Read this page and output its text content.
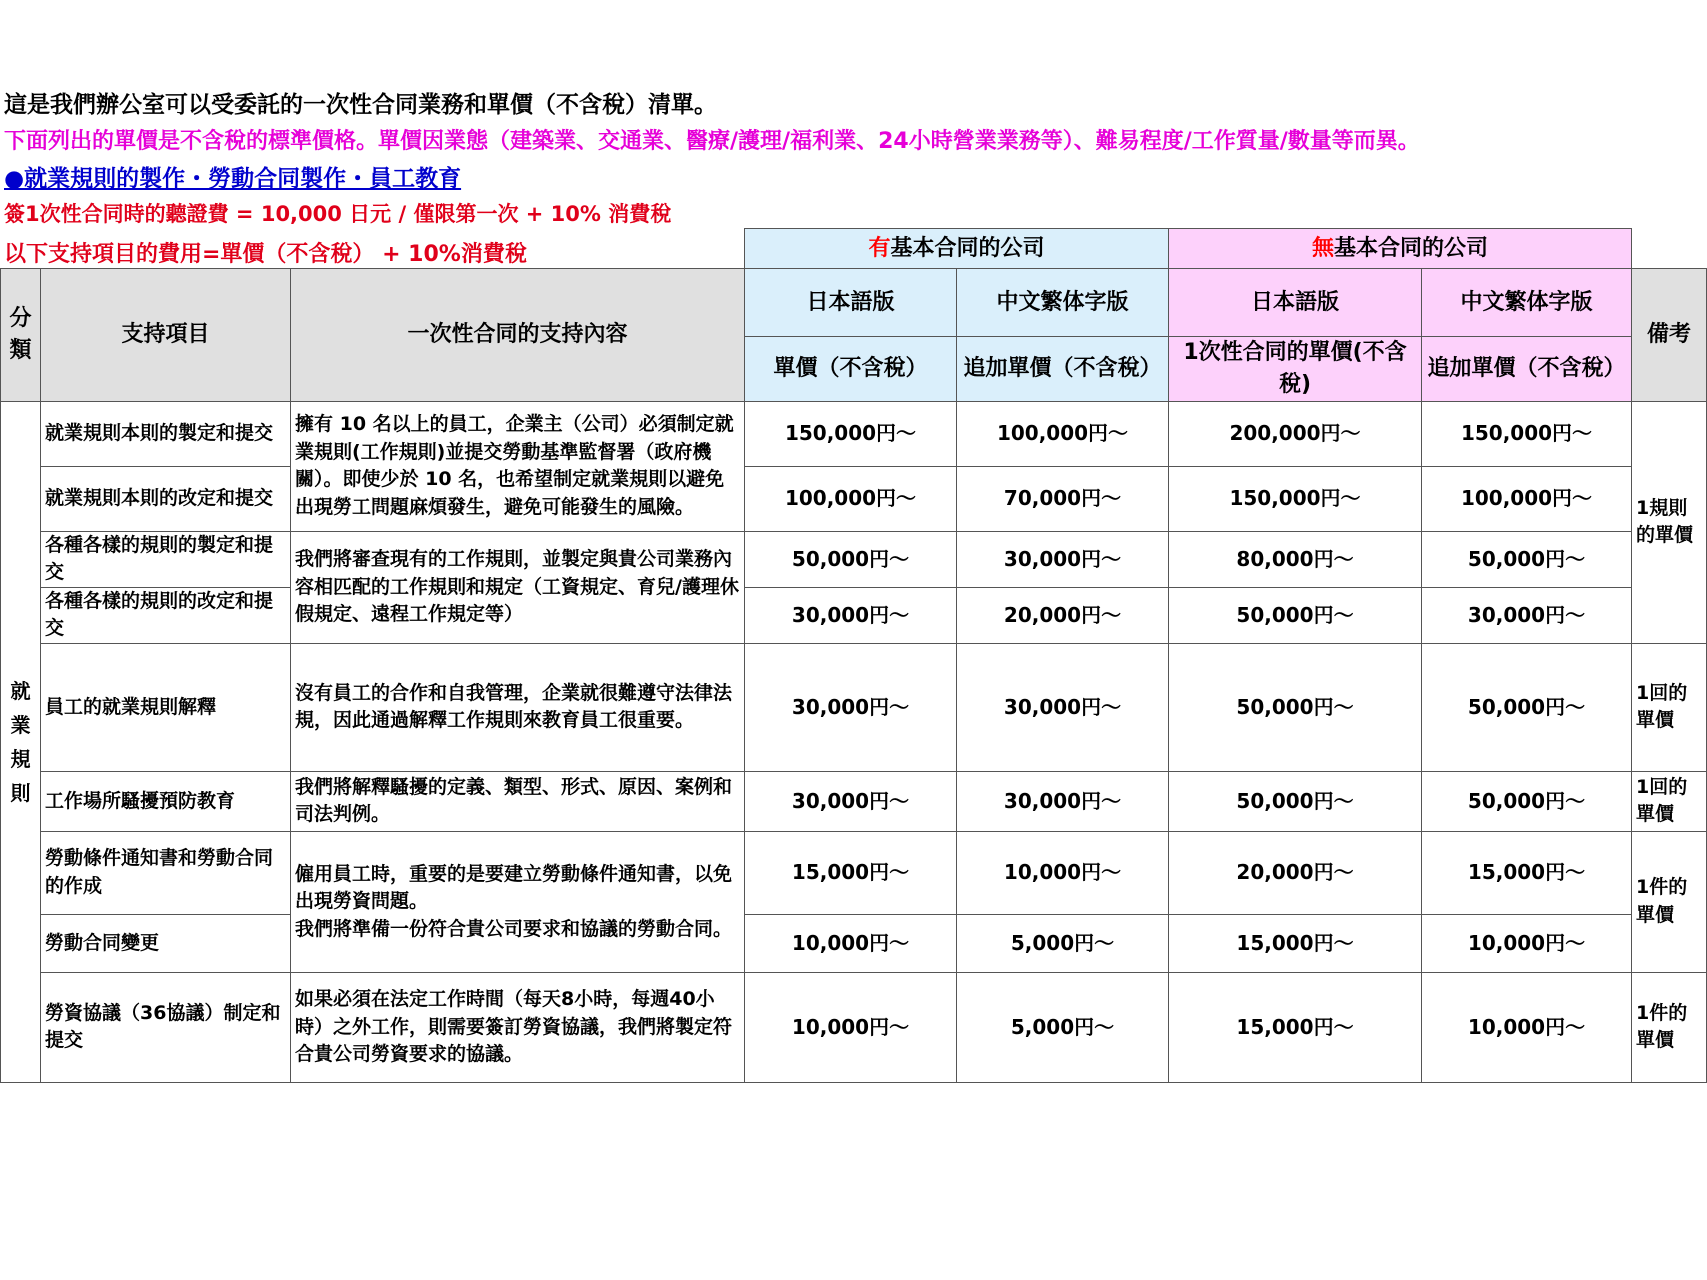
這是我們辦公室可以受委託的一次性合同業務和單價（不含稅）清單。
下面列出的單價是不含稅的標準價格。單價因業態（建築業、交通業、醫療/護理/福利業、24小時營業業務等）、難易程度/工作質量/數量等而異。
●就業規則的製作・勞動合同製作・員工教育
簽1次性合同時的聽證費 = 10,000 日元 / 僅限第一次 + 10% 消費稅
以下支持項目的費用=單價（不含稅） + 10%消費稅
			有基本合同的公司		無基本合同的公司		
分類	支持項目	一次性合同的支持內容	日本語版	中文繁体字版	日本語版	中文繁体字版	備考
			單價（不含稅）	追加單價（不含稅）	1次性合同的單價(不含稅)	追加單價（不含稅）	
就業規則	就業規則本則的製定和提交	擁有 10 名以上的員工，企業主（公司）必須制定就業規則(工作規則)並提交勞動基準監督署（政府機關）。即使少於 10 名，也希望制定就業規則以避免出現勞工問題麻煩發生，避免可能發生的風險。	150,000円～	100,000円～	200,000円～	150,000円～	1規則的單價
	就業規則本則的改定和提交		100,000円～	70,000円～	150,000円～	100,000円～	
	各種各樣的規則的製定和提交	我們將審查現有的工作規則，並製定與貴公司業務內容相匹配的工作規則和規定（工資規定、育兒/護理休假規定、遠程工作規定等）	50,000円～	30,000円～	80,000円～	50,000円～	
	各種各樣的規則的改定和提交		30,000円～	20,000円～	50,000円～	30,000円～	
	員工的就業規則解釋	沒有員工的合作和自我管理，企業就很難遵守法律法規，因此通過解釋工作規則來教育員工很重要。	30,000円～	30,000円～	50,000円～	50,000円～	1回的單價
	工作場所騷擾預防教育	我們將解釋騷擾的定義、類型、形式、原因、案例和司法判例。	30,000円～	30,000円～	50,000円～	50,000円～	1回的單價
	勞動條件通知書和勞動合同的作成	僱用員工時，重要的是要建立勞動條件通知書，以免出現勞資問題。
我們將準備一份符合貴公司要求和協議的勞動合同。	15,000円～	10,000円～	20,000円～	15,000円～	1件的單價
	勞動合同變更		10,000円～	5,000円～	15,000円～	10,000円～	
	勞資協議（36協議）制定和提交	如果必須在法定工作時間（每天8小時，每週40小時）之外工作，則需要簽訂勞資協議，我們將製定符合貴公司勞資要求的協議。	10,000円～	5,000円～	15,000円～	10,000円～	1件的單價
